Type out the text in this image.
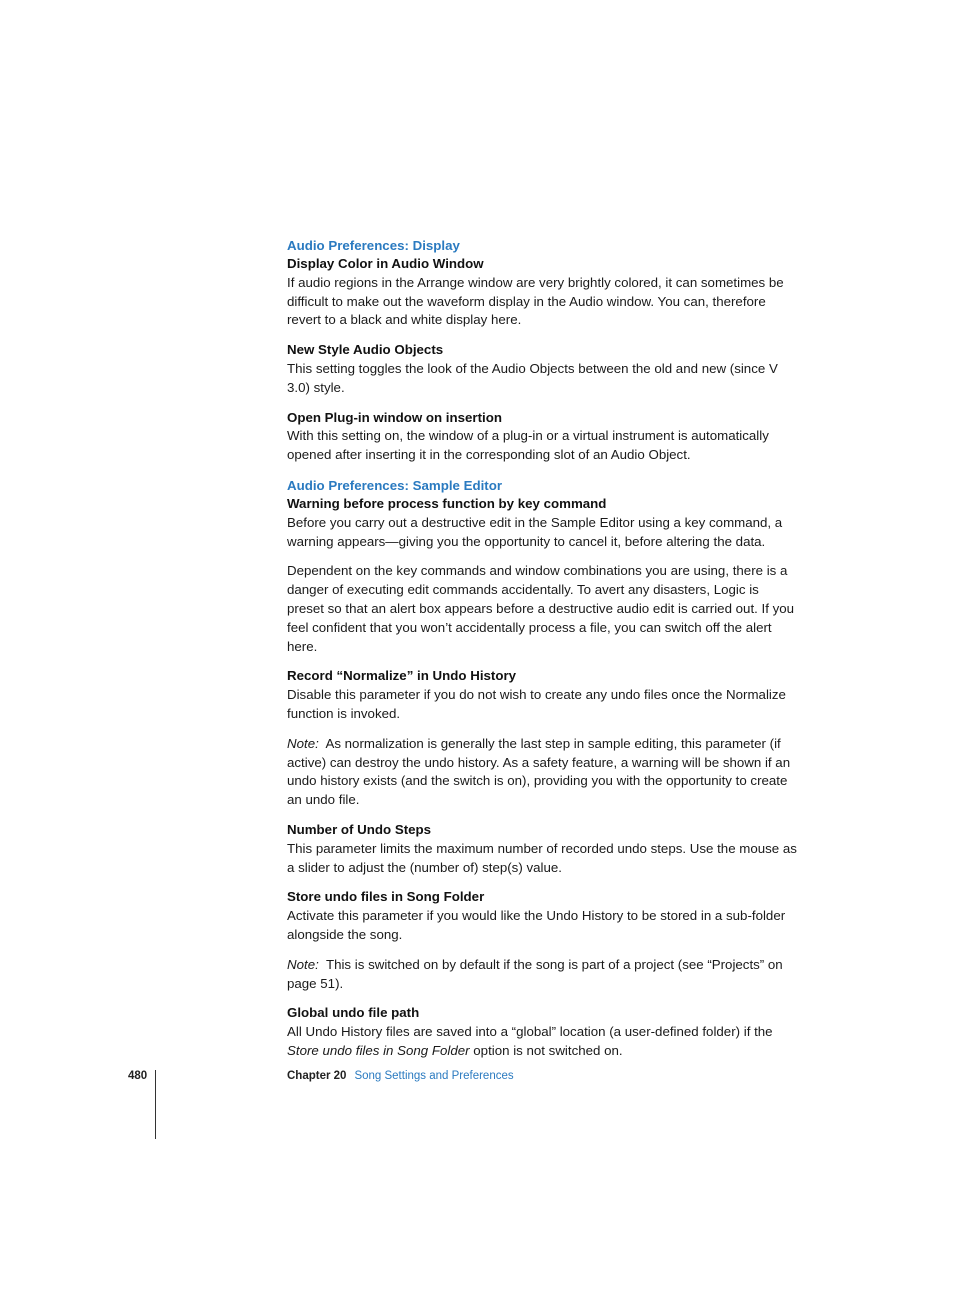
Audio Preferences: Display
Display Color in Audio Window

If audio regions in the Arrange window are very brightly colored, it can sometimes be difficult to make out the waveform display in the Audio window. You can, therefore revert to a black and white display here.

New Style Audio Objects

This setting toggles the look of the Audio Objects between the old and new (since V 3.0) style.

Open Plug-in window on insertion

With this setting on, the window of a plug-in or a virtual instrument is automatically opened after inserting it in the corresponding slot of an Audio Object.

Audio Preferences: Sample Editor
Warning before process function by key command

Before you carry out a destructive edit in the Sample Editor using a key command, a warning appears—giving you the opportunity to cancel it, before altering the data.

Dependent on the key commands and window combinations you are using, there is a danger of executing edit commands accidentally. To avert any disasters, Logic is preset so that an alert box appears before a destructive audio edit is carried out. If you feel confident that you won’t accidentally process a file, you can switch off the alert here.

Record “Normalize” in Undo History

Disable this parameter if you do not wish to create any undo files once the Normalize function is invoked.

Note: As normalization is generally the last step in sample editing, this parameter (if active) can destroy the undo history. As a safety feature, a warning will be shown if an undo history exists (and the switch is on), providing you with the opportunity to create an undo file.

Number of Undo Steps

This parameter limits the maximum number of recorded undo steps. Use the mouse as a slider to adjust the (number of) step(s) value.

Store undo files in Song Folder

Activate this parameter if you would like the Undo History to be stored in a sub-folder alongside the song.

Note: This is switched on by default if the song is part of a project (see “Projects” on page 51).

Global undo file path

All Undo History files are saved into a “global” location (a user-defined folder) if the Store undo files in Song Folder option is not switched on.

480	Chapter 20 Song Settings and Preferences
